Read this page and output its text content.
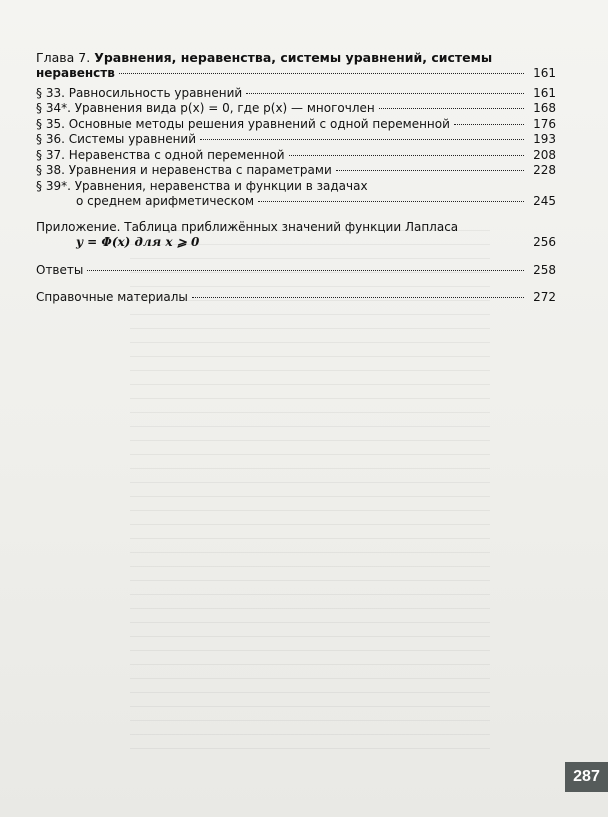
Глава 7. Уравнения, неравенства, системы уравнений, системы
неравенств	161
§ 33. Равносильность уравнений	161
§ 34*. Уравнения вида p(x) = 0, где p(x) — многочлен	168
§ 35. Основные методы решения уравнений с одной переменной	176
§ 36. Системы уравнений	193
§ 37. Неравенства с одной переменной	208
§ 38. Уравнения и неравенства с параметрами	228
§ 39*. Уравнения, неравенства и функции в задачах
о среднем арифметическом	245
Приложение. Таблица приближённых значений функции Лапласа
y = Φ(x) для x ⩾ 0	256
Ответы	258
Справочные материалы	272
287
